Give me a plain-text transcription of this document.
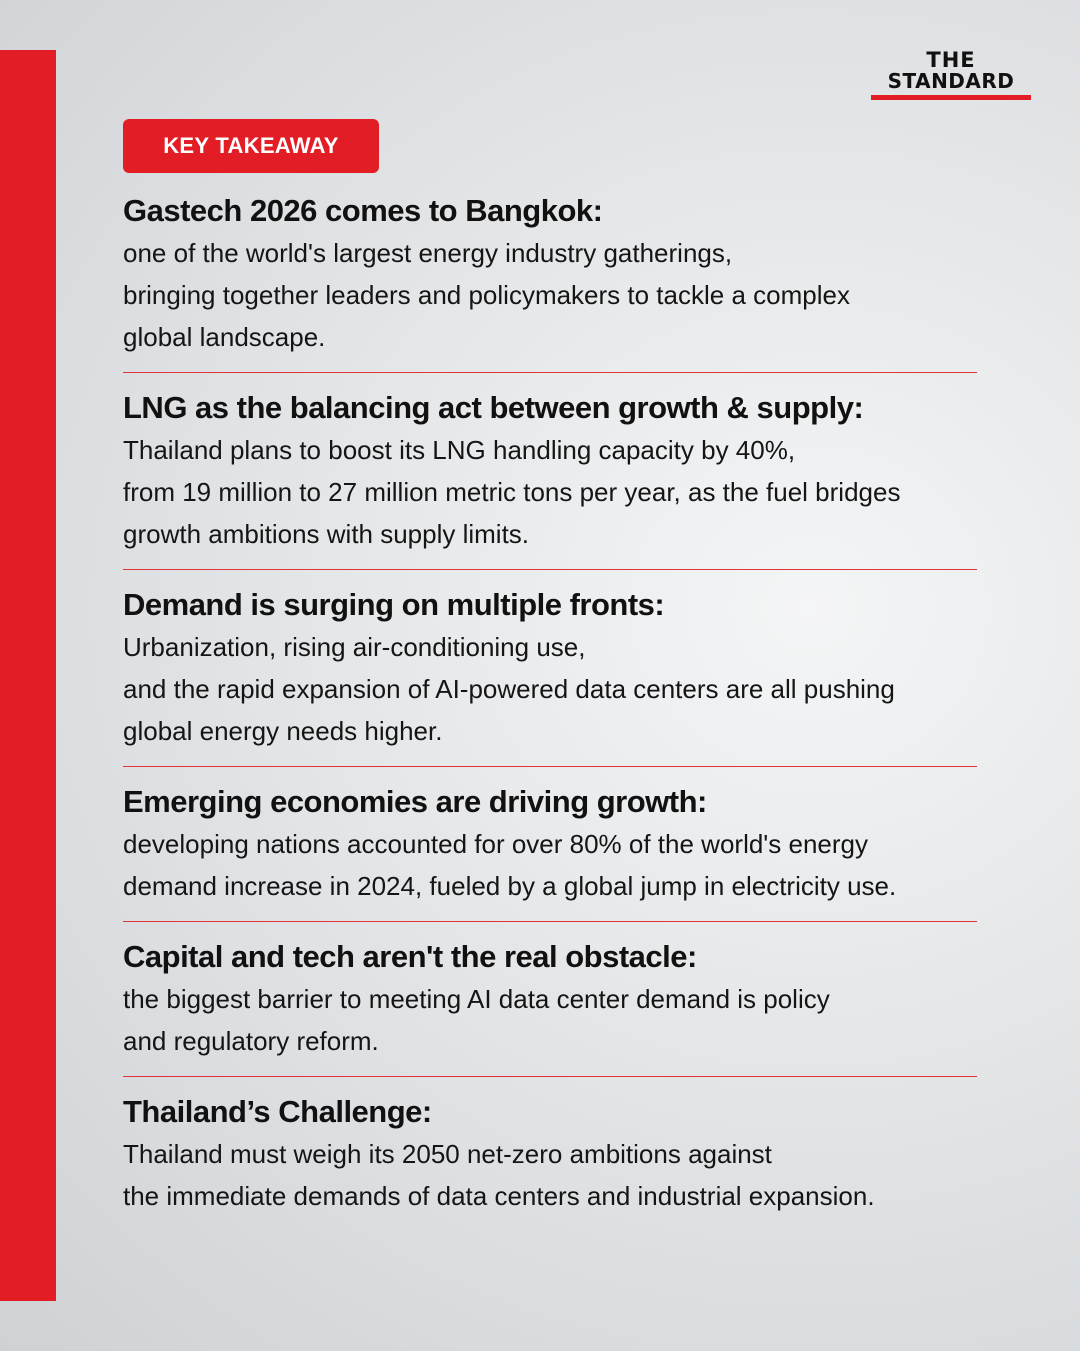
THE
STANDARD
KEY TAKEAWAY
Gastech 2026 comes to Bangkok:
one of the world's largest energy industry gatherings,
bringing together leaders and policymakers to tackle a complex
global landscape.
LNG as the balancing act between growth & supply:
Thailand plans to boost its LNG handling capacity by 40%,
from 19 million to 27 million metric tons per year, as the fuel bridges
growth ambitions with supply limits.
Demand is surging on multiple fronts:
Urbanization, rising air-conditioning use,
and the rapid expansion of AI-powered data centers are all pushing
global energy needs higher.
Emerging economies are driving growth:
developing nations accounted for over 80% of the world's energy
demand increase in 2024, fueled by a global jump in electricity use.
Capital and tech aren't the real obstacle:
the biggest barrier to meeting AI data center demand is policy
and regulatory reform.
Thailand’s Challenge:
Thailand must weigh its 2050 net-zero ambitions against
the immediate demands of data centers and industrial expansion.
